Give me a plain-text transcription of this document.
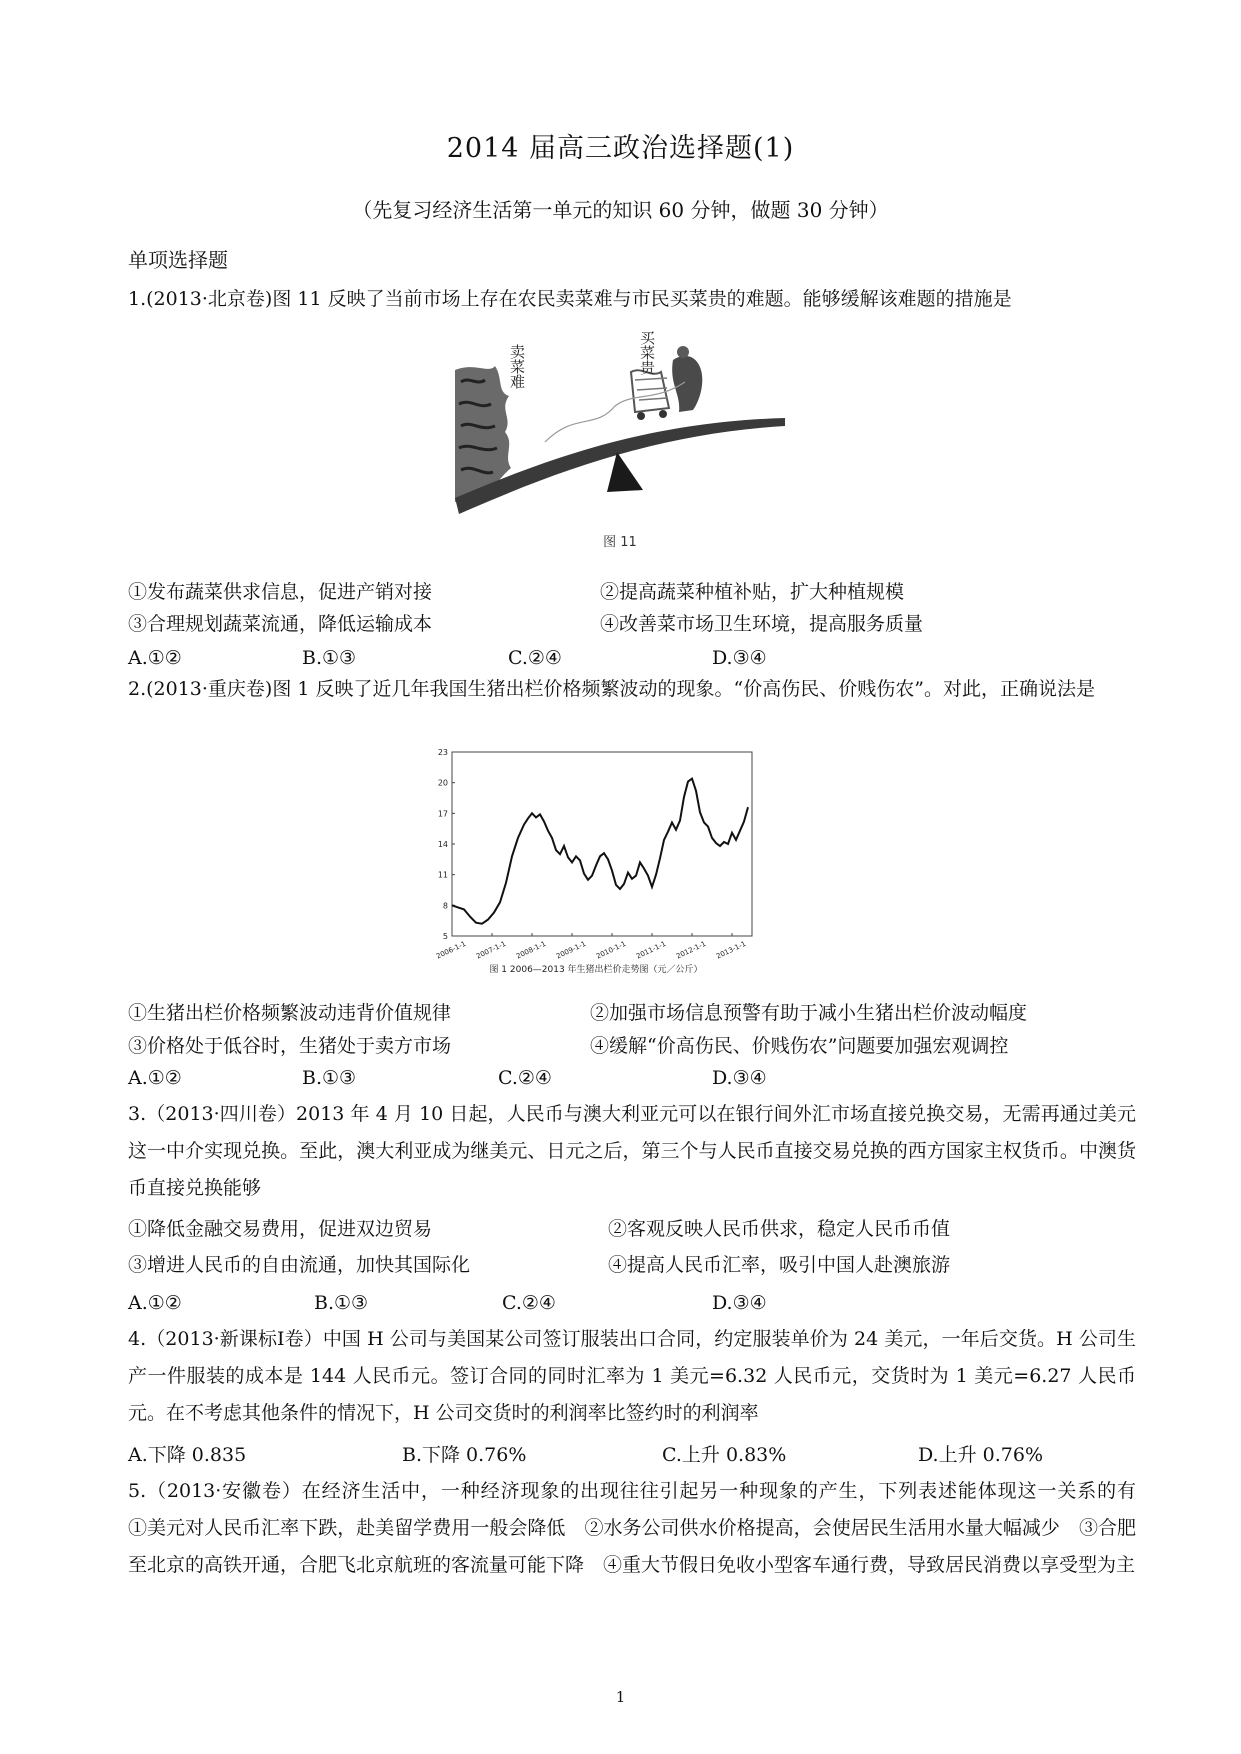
2014 届高三政治选择题(1)
（先复习经济生活第一单元的知识 60 分钟，做题 30 分钟）
单项选择题
1.(2013·北京卷)图 11 反映了当前市场上存在农民卖菜难与市民买菜贵的难题。能够缓解该难题的措施是
卖菜难	买菜贵
图 11
①发布蔬菜供求信息，促进产销对接	②提高蔬菜种植补贴，扩大种植规模
③合理规划蔬菜流通，降低运输成本	④改善菜市场卫生环境，提高服务质量
A.①②	B.①③	C.②④	D.③④
2.(2013·重庆卷)图 1 反映了近几年我国生猪出栏价格频繁波动的现象。“价高伤民、价贱伤农”。对此，正确说法是
5
8
11
14
17
20
23
2006-1-1 2007-1-1 2008-1-1 2009-1-1 2010-1-1 2011-1-1 2012-1-1 2013-1-1
图 1 2006—2013 年生猪出栏价走势图（元／公斤）
①生猪出栏价格频繁波动违背价值规律	②加强市场信息预警有助于减小生猪出栏价波动幅度
③价格处于低谷时，生猪处于卖方市场	④缓解“价高伤民、价贱伤农”问题要加强宏观调控
A.①②	B.①③	C.②④	D.③④
3.（2013·四川卷）2013 年 4 月 10 日起，人民币与澳大利亚元可以在银行间外汇市场直接兑换交易，无需再通过美元这一中介实现兑换。至此，澳大利亚成为继美元、日元之后，第三个与人民币直接交易兑换的西方国家主权货币。中澳货币直接兑换能够
①降低金融交易费用，促进双边贸易	②客观反映人民币供求，稳定人民币币值
③增进人民币的自由流通，加快其国际化	④提高人民币汇率，吸引中国人赴澳旅游
A.①②	B.①③	C.②④	D.③④
4.（2013·新课标Ⅰ卷）中国 H 公司与美国某公司签订服装出口合同，约定服装单价为 24 美元，一年后交货。H 公司生产一件服装的成本是 144 人民币元。签订合同的同时汇率为 1 美元=6.32 人民币元，交货时为 1 美元=6.27 人民币元。在不考虑其他条件的情况下，H 公司交货时的利润率比签约时的利润率
A.下降 0.835	B.下降 0.76%	C.上升 0.83%	D.上升 0.76%
5.（2013·安徽卷）在经济生活中，一种经济现象的出现往往引起另一种现象的产生，下列表述能体现这一关系的有　　①美元对人民币汇率下跌，赴美留学费用一般会降低　②水务公司供水价格提高，会使居民生活用水量大幅减少　③合肥至北京的高铁开通，合肥飞北京航班的客流量可能下降　④重大节假日免收小型客车通行费，导致居民消费以享受型为主
1
